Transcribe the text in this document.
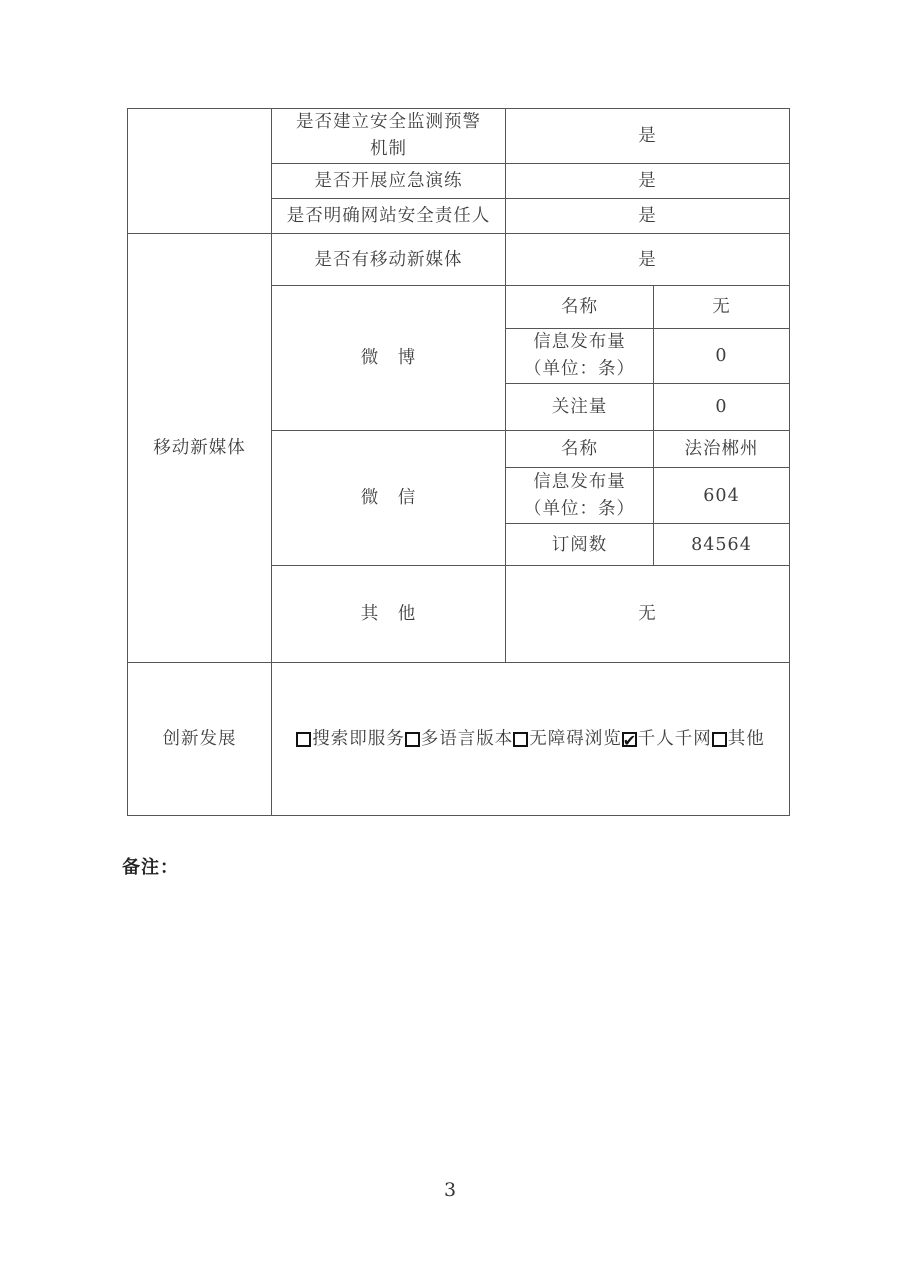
	是否建立安全监测预警
机制	是	
	是否开展应急演练	是	
	是否明确网站安全责任人	是	
移动新媒体	是否有移动新媒体	是	
	微　博	名称	无

		信息发布量
（单位：条）	0
		关注量	0
	微　信	名称	法治郴州

		信息发布量
（单位：条）	604
		订阅数	84564
	其　他	无	
创新发展	搜索即服务 多语言版本 无障碍浏览 ✔ 千人千网 其他
备注：
3
